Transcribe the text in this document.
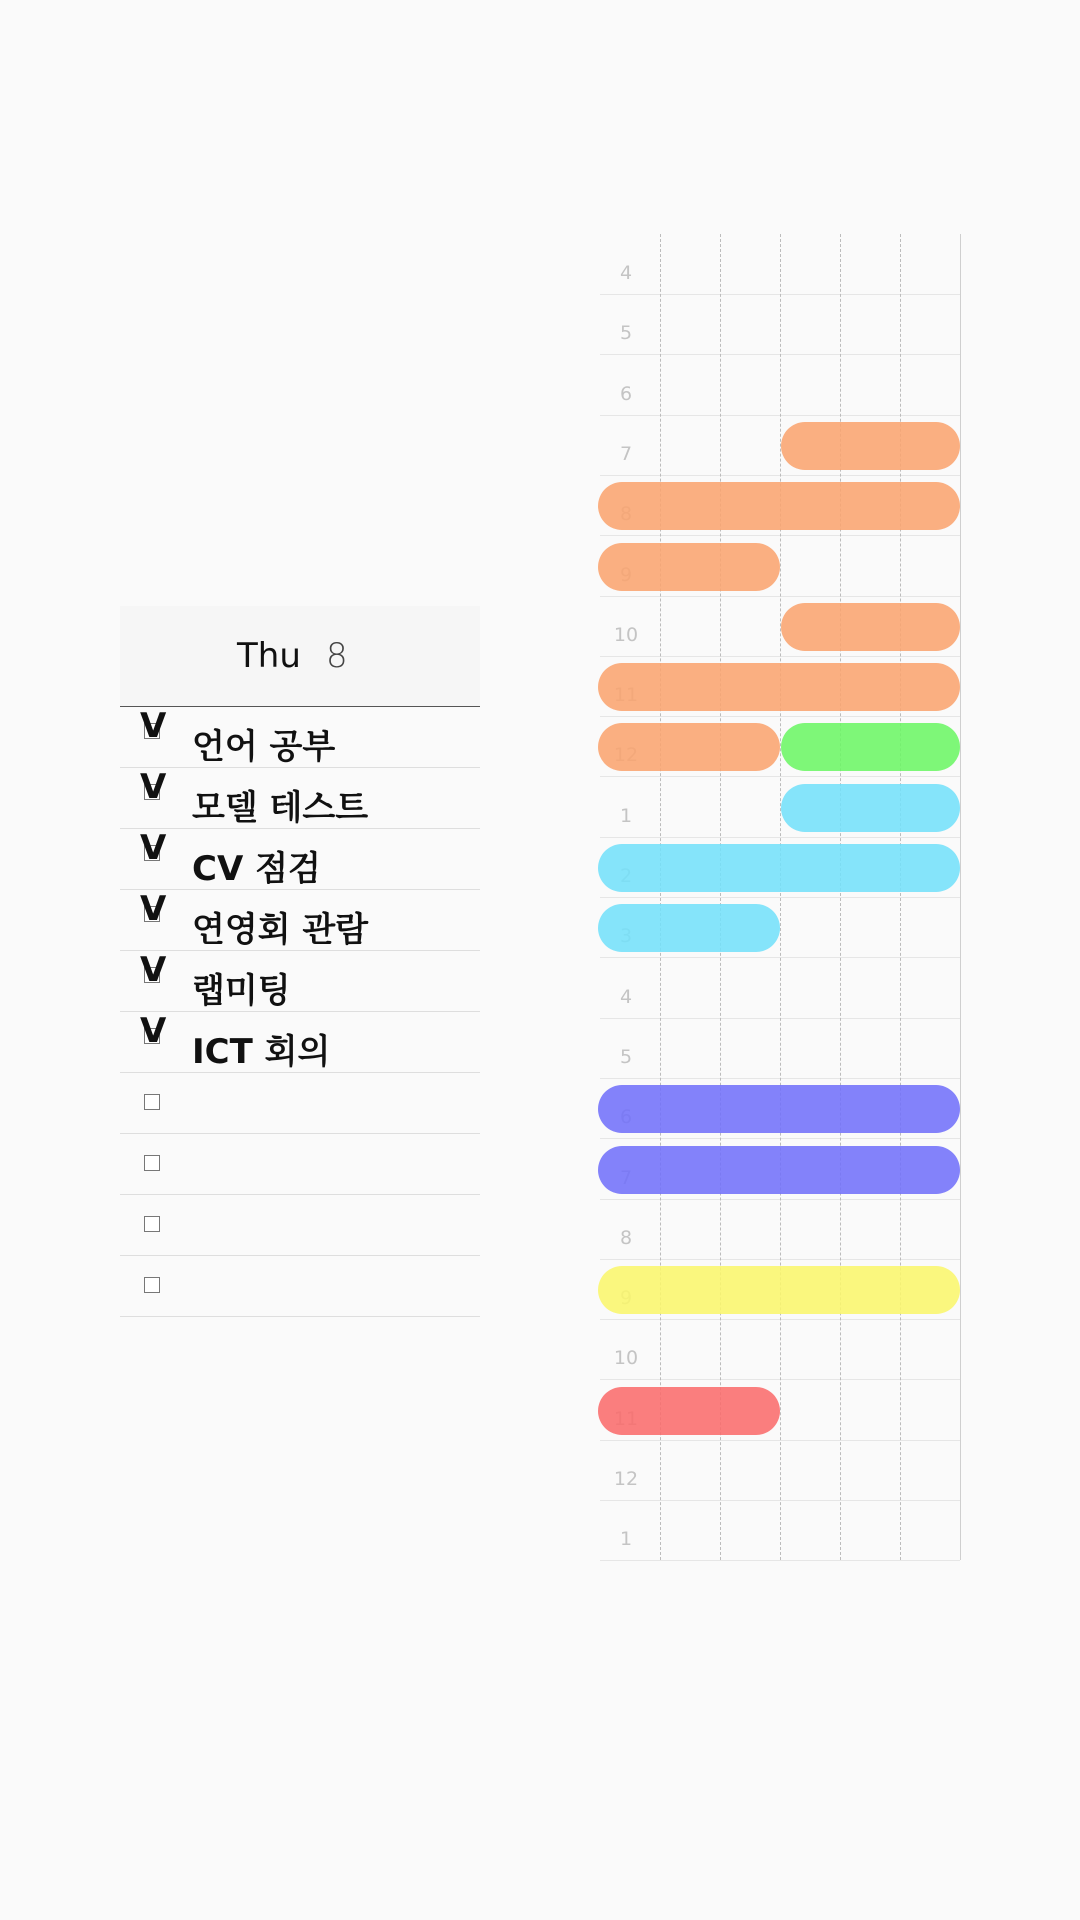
Thu 8
V
언어 공부
V
모델 테스트
V
CV 점검
V
연영회 관람
V
랩미팅
V
ICT 회의
4
5
6
7
10
1
4
5
8
10
12
1
